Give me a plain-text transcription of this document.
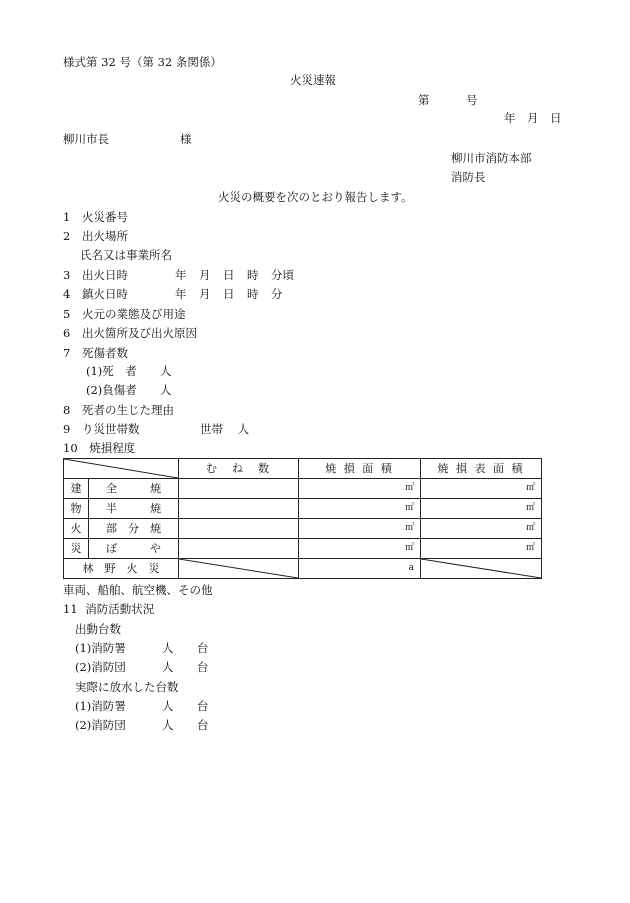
様式第 32 号（第 32 条関係）
火災速報
第	号
年 月 日
柳川市長	様
柳川市消防本部
消防長
火災の概要を次のとおり報告します。
1 火災番号
2 出火場所
氏名又は事業所名
3 出火日時	年 月 日 時 分頃
4 鎮火日時	年 月 日 時 分
5 火元の業態及び用途
6 出火箇所及び出火原因
7 死傷者数
(1)死　者 人
(2)負傷者 人
8 死者の生じた理由
9 り災世帯数	世帯 人
10 焼損程度
	む　ね　数	焼 損 面 積	焼 損 表 面 積
建	全　　　焼		㎡	㎡
物	半　　　焼		㎡	㎡
火	部　分　焼		㎡	㎡
災	ぼ　　　や		㎡	㎡
林　野　火　災			a	
車両、船舶、航空機、その他
11 消防活動状況
出動台数
(1)消防署	人 台
(2)消防団	人 台
実際に放水した台数
(1)消防署	人 台
(2)消防団	人 台
